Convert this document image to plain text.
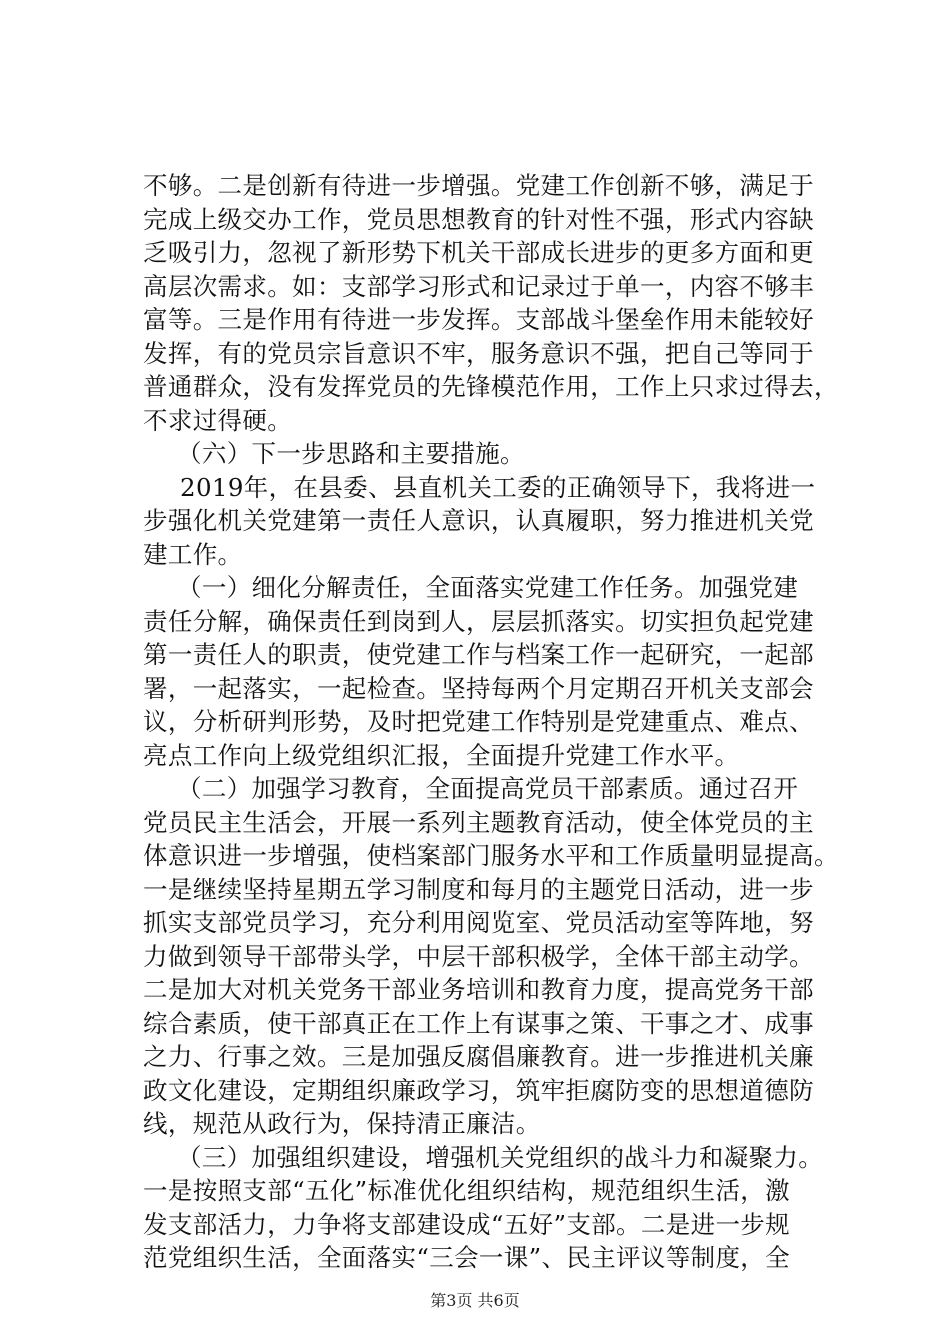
不够。二是创新有待进一步增强。党建工作创新不够，满足于
完成上级交办工作，党员思想教育的针对性不强，形式内容缺
乏吸引力，忽视了新形势下机关干部成长进步的更多方面和更
高层次需求。如：支部学习形式和记录过于单一，内容不够丰
富等。三是作用有待进一步发挥。支部战斗堡垒作用未能较好
发挥，有的党员宗旨意识不牢，服务意识不强，把自己等同于
普通群众，没有发挥党员的先锋模范作用，工作上只求过得去，
不求过得硬。
（六）下一步思路和主要措施。
2019年，在县委、县直机关工委的正确领导下，我将进一
步强化机关党建第一责任人意识，认真履职，努力推进机关党
建工作。
（一）细化分解责任，全面落实党建工作任务。加强党建
责任分解，确保责任到岗到人，层层抓落实。切实担负起党建
第一责任人的职责，使党建工作与档案工作一起研究，一起部
署，一起落实，一起检查。坚持每两个月定期召开机关支部会
议，分析研判形势，及时把党建工作特别是党建重点、难点、
亮点工作向上级党组织汇报，全面提升党建工作水平。
（二）加强学习教育，全面提高党员干部素质。通过召开
党员民主生活会，开展一系列主题教育活动，使全体党员的主
体意识进一步增强，使档案部门服务水平和工作质量明显提高。
一是继续坚持星期五学习制度和每月的主题党日活动，进一步
抓实支部党员学习，充分利用阅览室、党员活动室等阵地，努
力做到领导干部带头学，中层干部积极学，全体干部主动学。
二是加大对机关党务干部业务培训和教育力度，提高党务干部
综合素质，使干部真正在工作上有谋事之策、干事之才、成事
之力、行事之效。三是加强反腐倡廉教育。进一步推进机关廉
政文化建设，定期组织廉政学习，筑牢拒腐防变的思想道德防
线，规范从政行为，保持清正廉洁。
（三）加强组织建设，增强机关党组织的战斗力和凝聚力。
一是按照支部“五化”标准优化组织结构，规范组织生活，激
发支部活力，力争将支部建设成“五好”支部。二是进一步规
范党组织生活，全面落实“三会一课”、民主评议等制度，全
第3页 共6页
